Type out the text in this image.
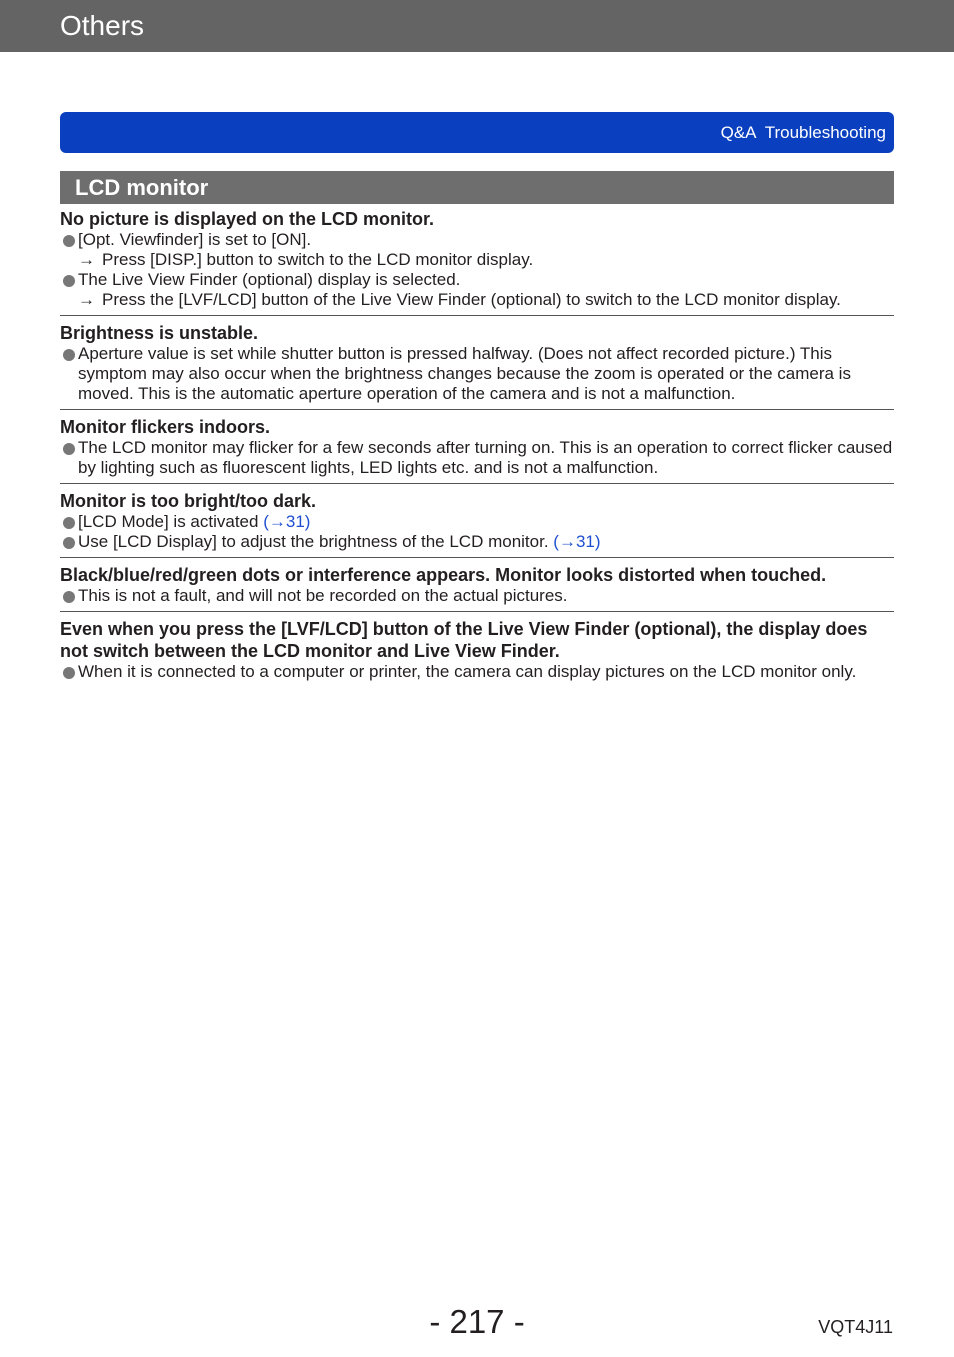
Others
Q&A  Troubleshooting
LCD monitor
No picture is displayed on the LCD monitor.
[Opt. Viewfinder] is set to [ON].
→ Press [DISP.] button to switch to the LCD monitor display.
The Live View Finder (optional) display is selected.
→ Press the [LVF/LCD] button of the Live View Finder (optional) to switch to the LCD monitor display.
Brightness is unstable.
Aperture value is set while shutter button is pressed halfway. (Does not affect recorded picture.) This symptom may also occur when the brightness changes because the zoom is operated or the camera is moved. This is the automatic aperture operation of the camera and is not a malfunction.
Monitor flickers indoors.
The LCD monitor may flicker for a few seconds after turning on. This is an operation to correct flicker caused by lighting such as fluorescent lights, LED lights etc. and is not a malfunction.
Monitor is too bright/too dark.
[LCD Mode] is activated (→31)
Use [LCD Display] to adjust the brightness of the LCD monitor. (→31)
Black/blue/red/green dots or interference appears. Monitor looks distorted when touched.
This is not a fault, and will not be recorded on the actual pictures.
Even when you press the [LVF/LCD] button of the Live View Finder (optional), the display does not switch between the LCD monitor and Live View Finder.
When it is connected to a computer or printer, the camera can display pictures on the LCD monitor only.
- 217 -	VQT4J11
